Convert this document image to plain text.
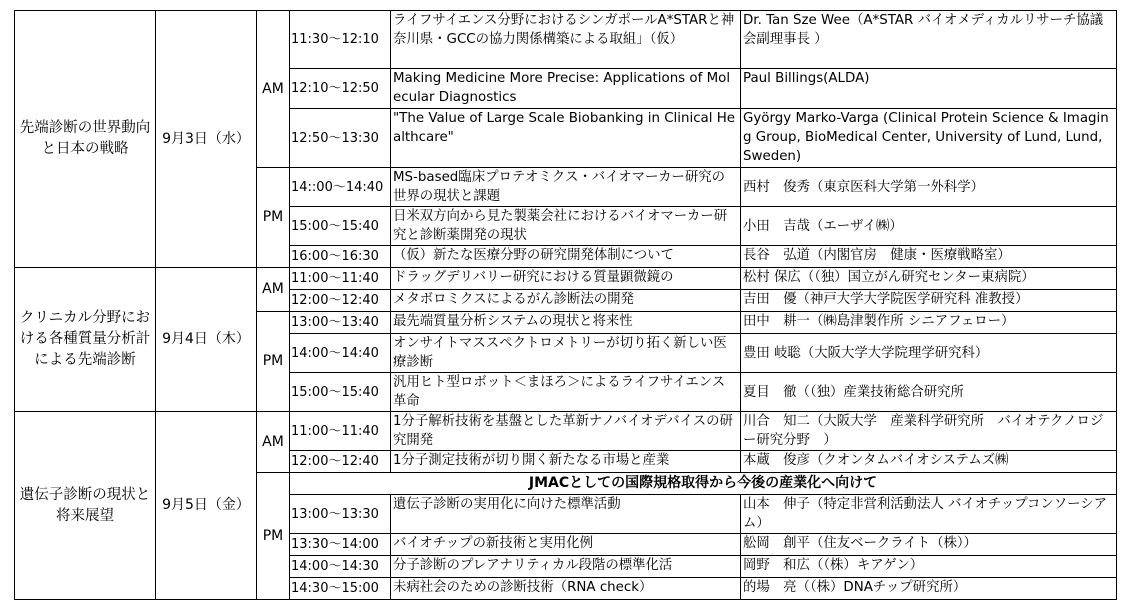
先端診断の世界動向と日本の戦略	9月3日（水）	AM	11:30～12:10	ライフサイエンス分野におけるシンガポールA*STARと神奈川県・GCCの協力関係構築による取組」（仮）	Dr. Tan Sze Wee（A*STAR バイオメディカルリサーチ協議会副理事長 ）
			12:10～12:50	Making Medicine More Precise: Applications of Molecular Diagnostics	Paul Billings(ALDA)
			12:50～13:30	"The Value of Large Scale Biobanking in Clinical Healthcare"	György Marko-Varga (Clinical Protein Science & Imaging Group, BioMedical Center, University of Lund, Lund, Sweden)
		PM	14::00～14:40	MS-based臨床プロテオミクス・バイオマーカー研究の世界の現状と課題	西村　俊秀（東京医科大学第一外科学）
			15:00～15:40	日米双方向から見た製薬会社におけるバイオマーカー研究と診断薬開発の現状	小田　吉哉（エーザイ㈱）
			16:00～16:30	（仮）新たな医療分野の研究開発体制について	長谷　弘道（内閣官房　健康・医療戦略室）
クリニカル分野における各種質量分析計による先端診断	9月4日（木）	AM	11:00～11:40	ドラッグデリバリー研究における質量顕微鏡の	松村 保広（（独）国立がん研究センター東病院）
			12:00～12:40	メタボロミクスによるがん診断法の開発	吉田　優（神戸大学大学院医学研究科 准教授）
		PM	13:00～13:40	最先端質量分析システムの現状と将来性	田中　耕一（㈱島津製作所 シニアフェロー）
			14:00～14:40	オンサイトマススペクトロメトリーが切り拓く新しい医療診断	豊田 岐聡（大阪大学大学院理学研究科）
			15:00～15:40	汎用ヒト型ロボット＜まほろ＞によるライフサイエンス革命	夏目　徹（（独）産業技術総合研究所
遺伝子診断の現状と将来展望	9月5日（金）	AM	11:00～11:40	1分子解析技術を基盤とした革新ナノバイオデバイスの研究開発	川合　知二（大阪大学　産業科学研究所　バイオテクノロジー研究分野　）
			12:00～12:40	1分子測定技術が切り開く新たなる市場と産業	本蔵　俊彦（クオンタムバイオシステムズ㈱
		PM	JMACとしての国際規格取得から今後の産業化へ向けて		
			13:00～13:30	遺伝子診断の実用化に向けた標準活動	山本　伸子（特定非営利活動法人 バイオチップコンソーシアム）
			13:30～14:00	バイオチップの新技術と実用化例	舩岡　創平（住友ベークライト（株））
			14:00～14:30	分子診断のプレアナリティカル段階の標準化活	岡野　和広（（株）キアゲン）
			14:30～15:00	未病社会のための診断技術（RNA check）	的場　亮（（株）DNAチップ研究所）
